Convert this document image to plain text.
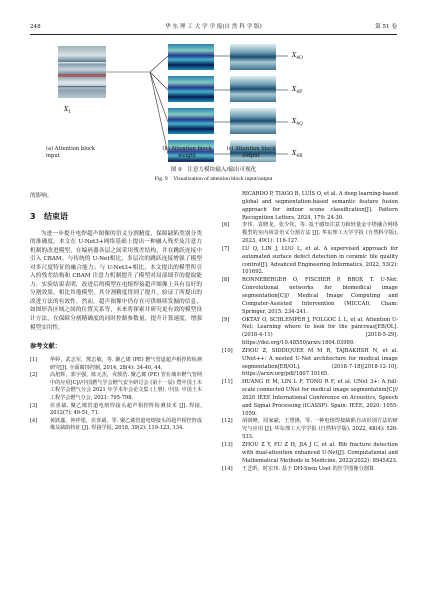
248	华 东 理 工 大 学 学 报(自 然 科 学 版)	第 51 卷
$X_1$
$X_{4O}$
$X_{4P}$
$X_{4Q}$
$X_{4R}$
(a) Attention block input
(b) Attention block weight
(c) Attention block output
图 9　注意力模块输入/输出可视化
Fig. 9　Visualization of attention block input/output

的影响。

3 结束语

为进一步提升电焊超声图像的语义分割精度，保障缺陷类别分类的准确度，本文在 U-Net3+网络基础上提出一种融入残差及注意力机制的改进模型，在编码器各层之间采用残差结构，并在跳跃连接中引入 CBAM。与传统的 U-Net相比，多层次的跳跃连接增强了模型对多尺度特征的融合能力；与 U-Net3+相比，本文提出的模型所引入的残差结构和 CBAM 注意力机制提升了模型对局部细节的提取能力。实验结果表明，改进后的模型在电熔焊接超声图像上具有良好的分割效果，相比其他模型，其分割精度得到了提升，验证了所提出的改进方法的有效性。然而，超声图像中仍存在可供继续发掘的信息，如图形各区域之间的位置关系等，未来将探索并研究更有效的模型设计方法，在保障分割精确度的同时控制参数量，提升计算速度，增强模型实用性。

参考文献：
[1]	华婷，武志军，熊志敏，等. 聚乙烯 (PE) 燃气管道超声相控阵检测研究[J]. 全面腐蚀控制, 2014, 28(4): 34-40, 44.
[2]	高旭辉，郭宇强，陈元杰，戎骏浩. 聚乙烯 (PE) 管在城市燃气管网中的应用[C]//中国燃气学会燃气安全研讨会 (第十一届) 暨中国土木工程学会燃气分会 2021 年学术年会论文集 (上册). 中国: 中国土木工程学会燃气分会, 2021: 795-798.
[3]	伏喜斌. 聚乙烯管道电熔焊接头超声相控阵检测技术 [J]. 焊接, 2012(7): 49-51, 71.
[4]	黄跃鑫，钟祥银，伏喜斌，等. 聚乙烯管道电熔接头的超声相控阵成像及缺陷特征 [J]. 焊接学报, 2018, 39(2): 119-123, 134.
RICARDO P, TIAGO B, LUÍS O, et al. A deep learning-based global and segmentation-based semantic feature fusion approach for indoor scene classification[J]. Pattern Recognition Letters, 2024, 179: 24-30.
[6] 李伟，袁晓龙，张少钦，等. 基于感知注意力和轻量金字塔融合网络模型的室内场景语义分割方法 [J]. 华东理工大学学报 (自然科学版), 2023, 49(1): 116-127.
[7] LU Q, LIN J, LUO L, et al. A supervised approach for automated surface defect detection in ceramic tile quality control[J]. Advanced Engineering Informatics, 2022, 53(2): 101692.
[8] RONNEBERGER O, FISCHER P, BROX T. U-Net: Convolutional networks for biomedical image segmentation[C]// Medical Image Computing and Computer-Assisted Intervention (MICCAI). Cham: Springer, 2015: 234-241.
[9] OKTAY O, SCHLEMPER J, FOLGOC L L, et al. Attention U-Net: Learning where to look for the pancreas[EB/OL]. (2018-4-11) [2018-5-29]. https://doi.org/10.48550/arxiv.1804.03999.
[10] ZHOU Z, SIDDIQUEE M M R, TAJBAKHSH N, et al. UNet++: A nested U-Net architecture for medical image segmentation[EB/OL]. (2018-7-18)[2018-12-10]. https://arxiv.org/pdf/1807.10165.
[11] HUANG H M, LIN L F, TONG R F, et al. UNet 3+: A full-scale connected UNet for medical image segmentation[C]// 2020 IEEE International Conference on Acoustics, Speech and Signal Processing (ICASSP). Spain: IEEE, 2020: 1055-1059.
[12] 胡润峰，周家豪，王慧锋，等. 一种电熔焊接缺陷自动识别方法的研究与应用 [J]. 华东理工大学学报 (自然科学版), 2022, 48(4): 526-533.
[13] ZHOU Z Y, FU Z H, JIA J C, et al. Rib fracture detection with dual-attention enhanced U-Net[J]. Computational and Mathematical Methods in Medicine, 2022(2022): 8945423.
[14] 王艺昕，时宏伟. 基于 DH-Swin Uset 的医学图像分割算
